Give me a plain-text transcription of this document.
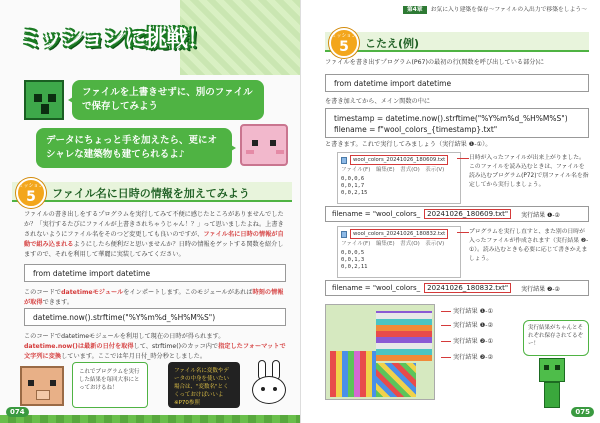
ミッションに挑戦！
ファイルを上書きせずに、別のファイルで保存してみよう
データにちょっと手を加えたら、更にオシャレな建築物も建てられるよ♪
ファイル名に日時の情報を加えてみよう
ミッション
5
ファイルの書き出しをするプログラムを実行してみて不便に感じたところがありませんでしたか？「実行するたびにファイルが上書きされちゃうじゃん！？」って思いましたよね。上書きされないようにファイル名をそのつど変更しても良いのですが、ファイル名に日時の情報が自動で組み込まれるようにしたら便利だと思いませんか？日時の情報をゲットする関数を紹介しますので、それを利用して華麗に実装してみてください。
from datetime import datetime
このコードでdatetimeモジュールをインポートします。このモジュールがあれば時刻の情報が取得できます。
datetime.now().strftime("%Y%m%d_%H%M%S")
このコードでdatetimeモジュールを利用して現在の日時が得られます。
datetime.now()は最新の日付を取得して、strftime()のカッコ内で指定したフォーマットで文字列に変換しています。ここでは年月日付_時分秒としました。
これでプログラムを実行した結果を毎回大事にとっておけるね！
ファイル名に変数やデータの中身を使いたい場合は、"変数名"とくくっておけばいいよ ※P70参照
074
第4章 お気に入り建築を保存～ファイルの入出力で移築をしよう～
こたえ(例)
ミッション
5
ファイルを書き出すプログラム(P67)の最初の行(関数を呼び出している部分)に
from datetime import datetime
を書き加えてから、メイン関数の中に
timestamp = datetime.now().strftime("%Y%m%d_%H%M%S")
filename = f"wool_colors_{timestamp}.txt"
と書きます。これで実行してみましょう（実行結果 ❶-①）。
wool_colors_20241026_180609.txt
ファイル(F)　編集(E)　書式(O)　表示(V)
0,0,0,6
0,0,1,7
0,0,2,15
日時が入ったファイルが出来上がりました。このファイルを読み込むときは、ファイルを読み込むプログラム(P72)で別ファイル名を指定してから実行しましょう。
filename = "wool_colors_	20241026_180609.txt"	実行結果 ❶-②
wool_colors_20241026_180832.txt
ファイル(F)　編集(E)　書式(O)　表示(V)
0,0,0,5
0,0,1,3
0,0,2,11
プログラムを実行し直すと、また別の日時が入ったファイルが作成されます（実行結果 ❷-①）。読み込むときも必要に応じて書きかえましょう。
filename = "wool_colors_	20241026_180832.txt"	実行結果 ❷-②
実行結果 ❶-①
実行結果 ❶-②
実行結果 ❷-①
実行結果 ❷-②
実行結果がちゃんとそれぞれ保存されてるぞー！
075
